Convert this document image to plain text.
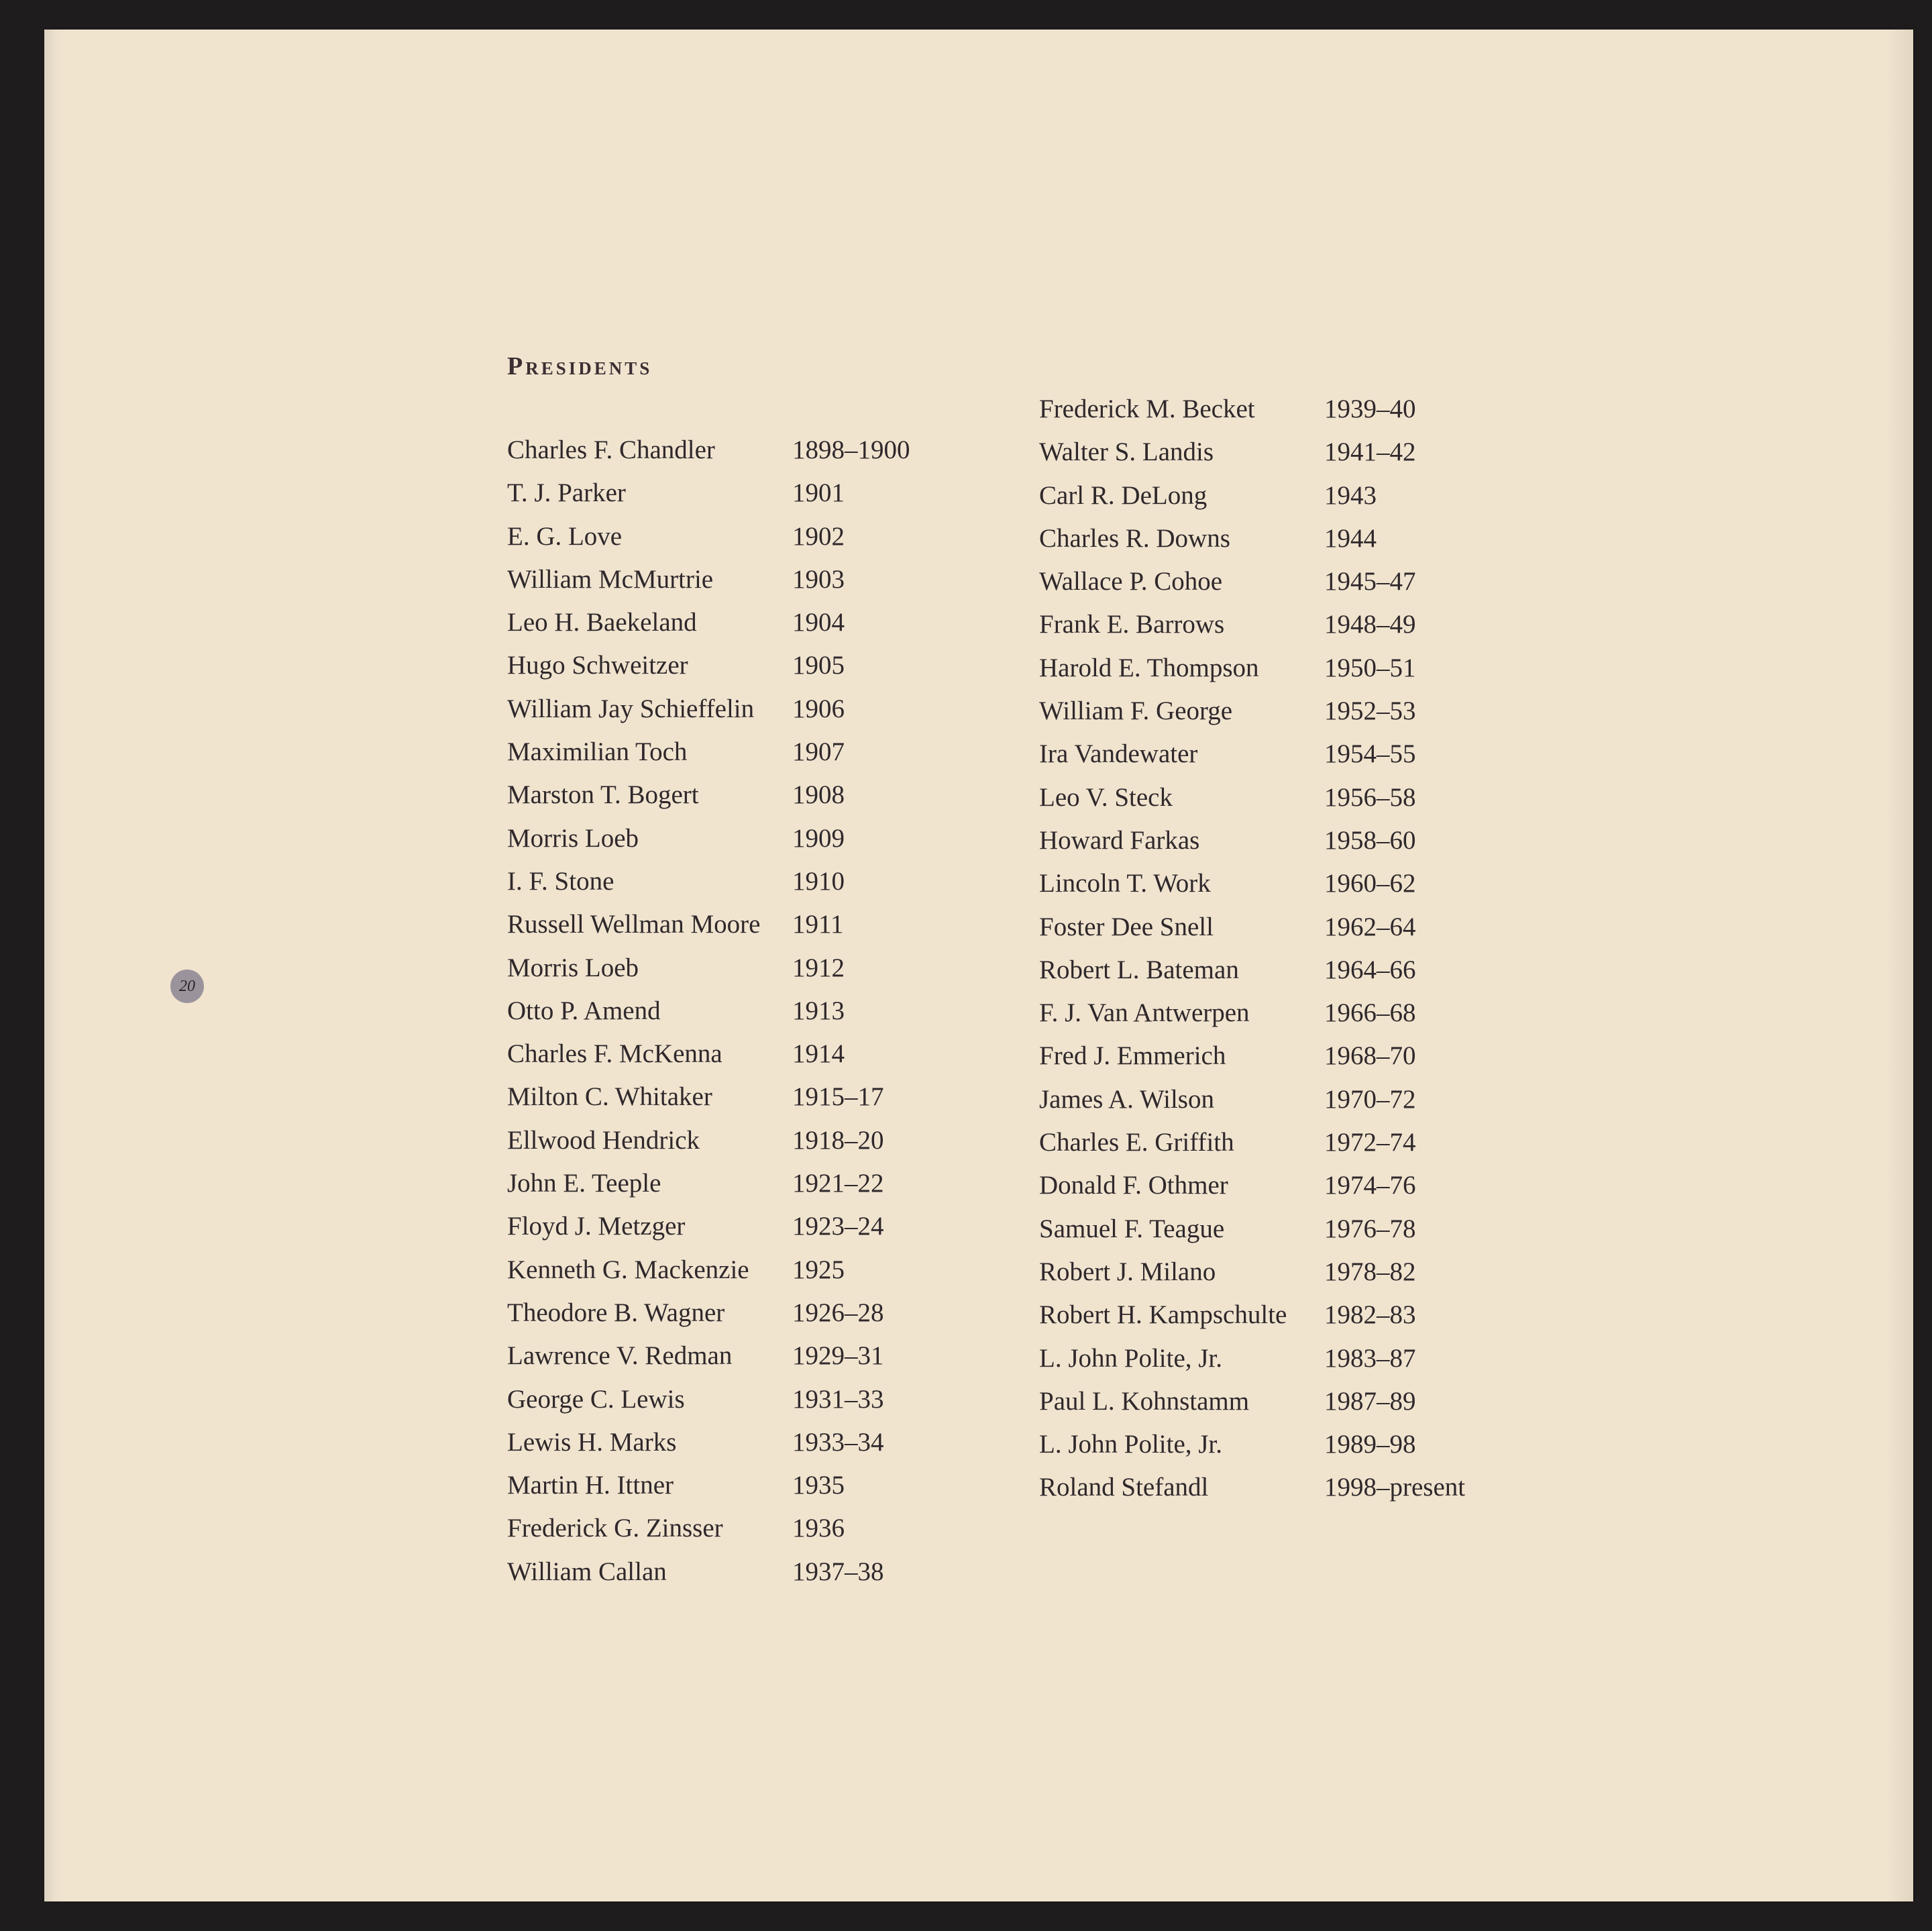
Presidents
Charles F. Chandler	1898–1900
T. J. Parker	1901
E. G. Love	1902
William McMurtrie	1903
Leo H. Baekeland	1904
Hugo Schweitzer	1905
William Jay Schieffelin	1906
Maximilian Toch	1907
Marston T. Bogert	1908
Morris Loeb	1909
I. F. Stone	1910
Russell Wellman Moore	1911
Morris Loeb	1912
Otto P. Amend	1913
Charles F. McKenna	1914
Milton C. Whitaker	1915–17
Ellwood Hendrick	1918–20
John E. Teeple	1921–22
Floyd J. Metzger	1923–24
Kenneth G. Mackenzie	1925
Theodore B. Wagner	1926–28
Lawrence V. Redman	1929–31
George C. Lewis	1931–33
Lewis H. Marks	1933–34
Martin H. Ittner	1935
Frederick G. Zinsser	1936
William Callan	1937–38
Frederick M. Becket	1939–40
Walter S. Landis	1941–42
Carl R. DeLong	1943
Charles R. Downs	1944
Wallace P. Cohoe	1945–47
Frank E. Barrows	1948–49
Harold E. Thompson	1950–51
William F. George	1952–53
Ira Vandewater	1954–55
Leo V. Steck	1956–58
Howard Farkas	1958–60
Lincoln T. Work	1960–62
Foster Dee Snell	1962–64
Robert L. Bateman	1964–66
F. J. Van Antwerpen	1966–68
Fred J. Emmerich	1968–70
James A. Wilson	1970–72
Charles E. Griffith	1972–74
Donald F. Othmer	1974–76
Samuel F. Teague	1976–78
Robert J. Milano	1978–82
Robert H. Kampschulte	1982–83
L. John Polite, Jr.	1983–87
Paul L. Kohnstamm	1987–89
L. John Polite, Jr.	1989–98
Roland Stefandl	1998–present
20
